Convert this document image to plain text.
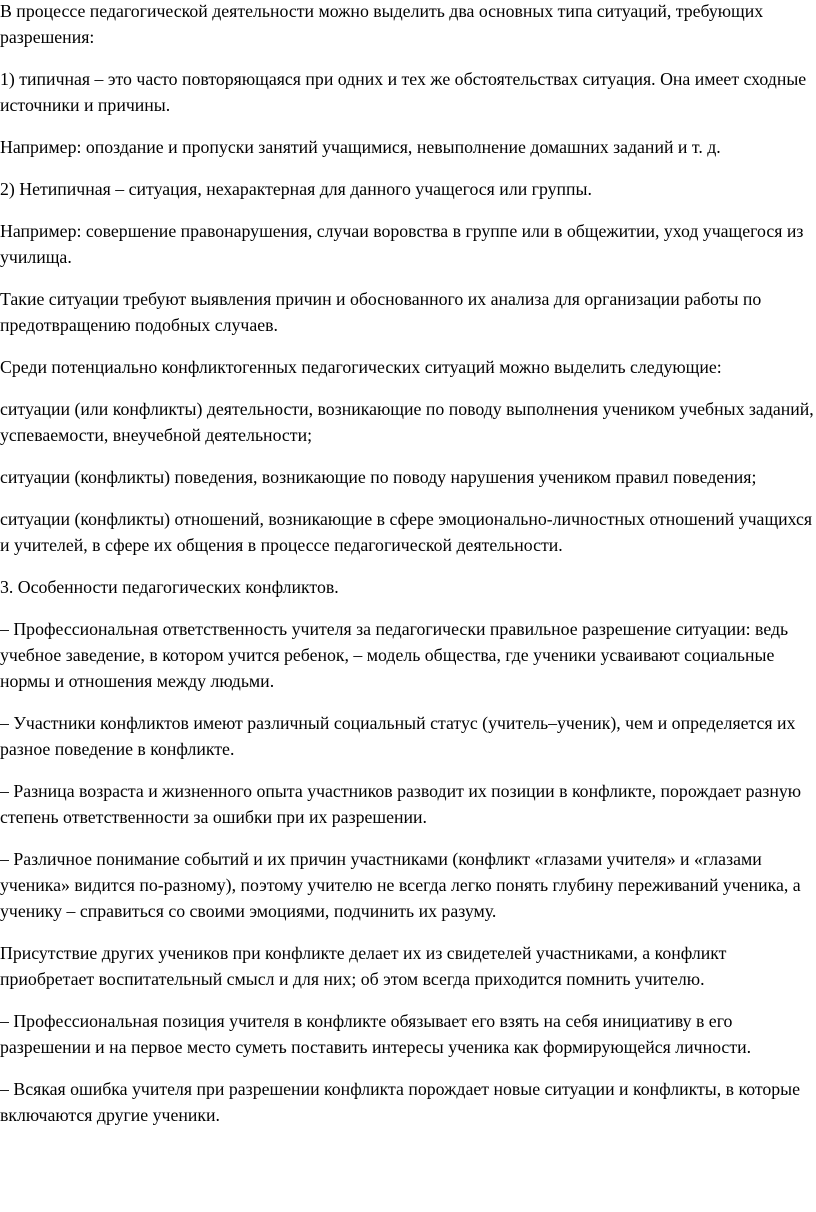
В процессе педагогической деятельности можно выделить два основных типа ситуаций, требующих разрешения:

1) типичная – это часто повторяющаяся при одних и тех же обстоятельствах ситуация. Она имеет сходные источники и причины.

Например: опоздание и пропуски занятий учащимися, невыполнение домашних заданий и т. д.

2) Нетипичная – ситуация, нехарактерная для данного учащегося или группы.

Например: совершение правонарушения, случаи воровства в группе или в общежитии, уход учащегося из училища.

Такие ситуации требуют выявления причин и обоснованного их анализа для организации работы по предотвращению подобных случаев.

Среди потенциально конфликтогенных педагогических ситуаций можно выделить следующие:

ситуации (или конфликты) деятельности, возникающие по поводу выполнения учеником учебных заданий, успеваемости, внеучебной деятельности;

ситуации (конфликты) поведения, возникающие по поводу нарушения учеником правил поведения;

ситуации (конфликты) отношений, возникающие в сфере эмоционально-личностных отношений учащихся и учителей, в сфере их общения в процессе педагогической деятельности.

3. Особенности педагогических конфликтов.

– Профессиональная ответственность учителя за педагогически правильное разрешение ситуации: ведь учебное заведение, в котором учится ребенок, – модель общества, где ученики усваивают социальные нормы и отношения между людьми.

– Участники конфликтов имеют различный социальный статус (учитель–ученик), чем и определяется их разное поведение в конфликте.

– Разница возраста и жизненного опыта участников разводит их позиции в конфликте, порождает разную степень ответственности за ошибки при их разрешении.

– Различное понимание событий и их причин участниками (конфликт «глазами учителя» и «глазами ученика» видится по-разному), поэтому учителю не всегда легко понять глубину переживаний ученика, а ученику – справиться со своими эмоциями, подчинить их разуму.

Присутствие других учеников при конфликте делает их из свидетелей участниками, а конфликт приобретает воспитательный смысл и для них; об этом всегда приходится помнить учителю.

– Профессиональная позиция учителя в конфликте обязывает его взять на себя инициативу в его разрешении и на первое место суметь поставить интересы ученика как формирующейся личности.

– Всякая ошибка учителя при разрешении конфликта порождает новые ситуации и конфликты, в которые включаются другие ученики.
